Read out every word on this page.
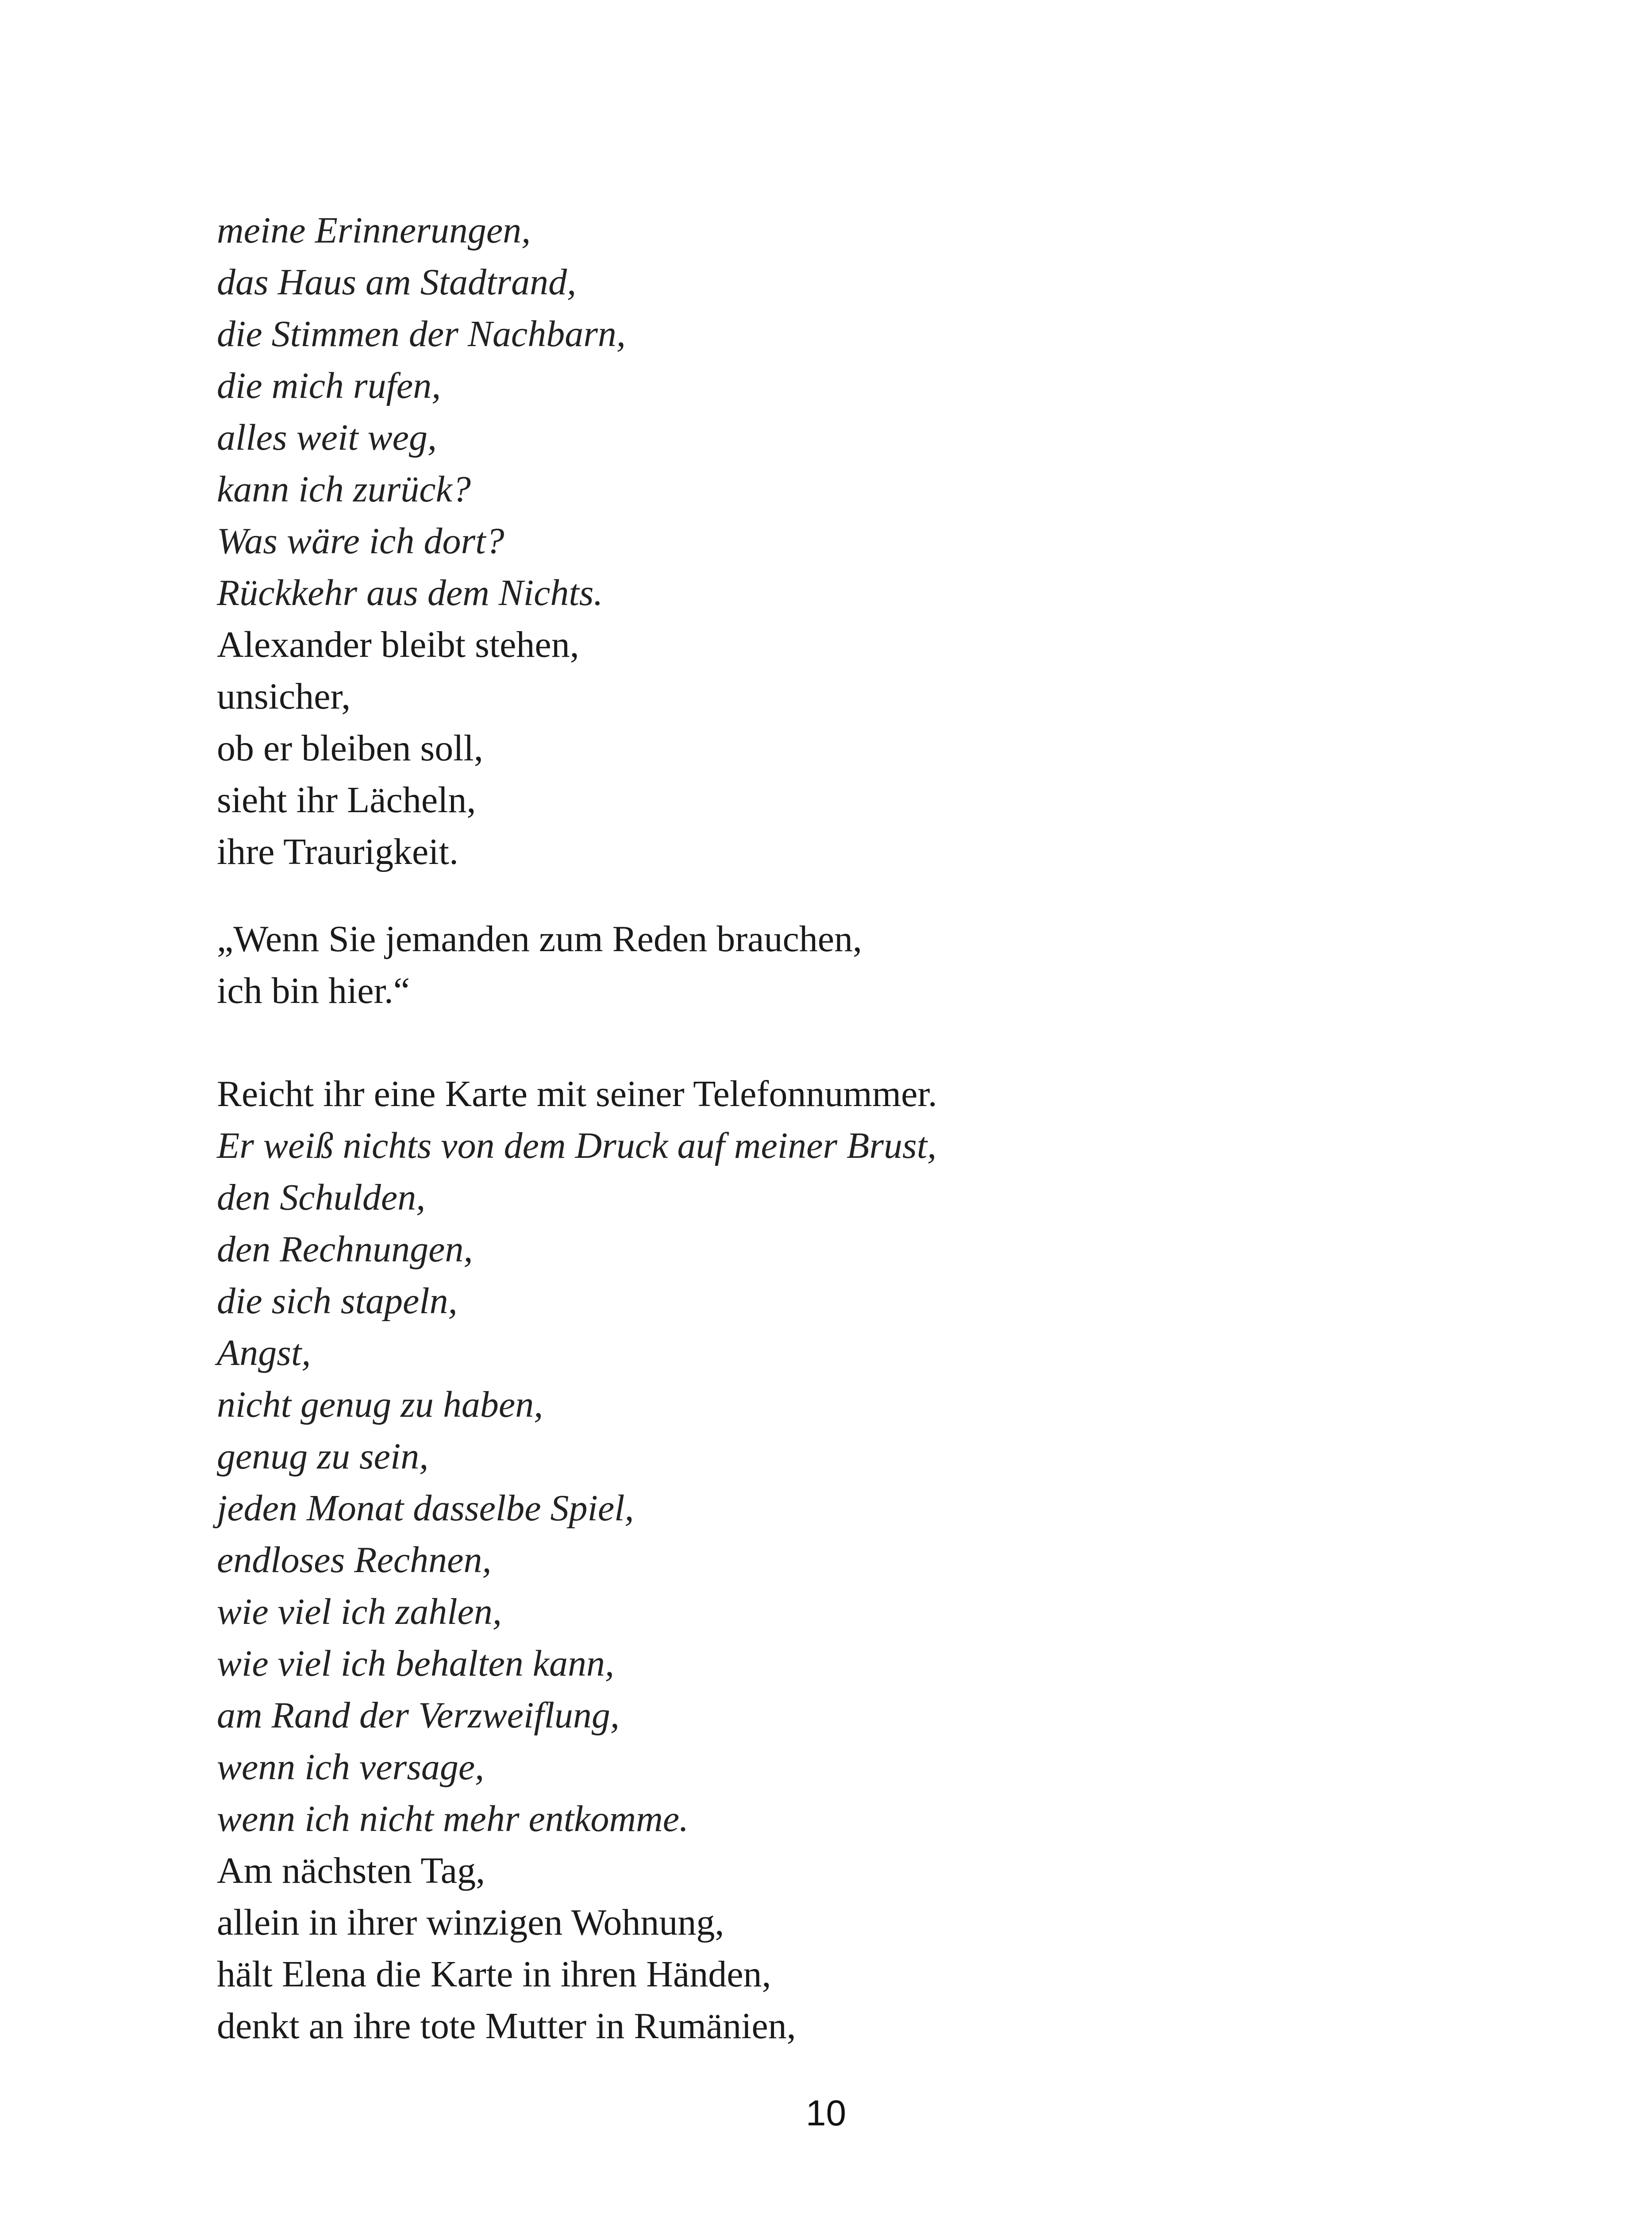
meine Erinnerungen,
das Haus am Stadtrand,
die Stimmen der Nachbarn,
die mich rufen,
alles weit weg,
kann ich zurück?
Was wäre ich dort?
Rückkehr aus dem Nichts.
Alexander bleibt stehen,
unsicher,
ob er bleiben soll,
sieht ihr Lächeln,
ihre Traurigkeit.
„Wenn Sie jemanden zum Reden brauchen,
ich bin hier.“
Reicht ihr eine Karte mit seiner Telefonnummer.
Er weiß nichts von dem Druck auf meiner Brust,
den Schulden,
den Rechnungen,
die sich stapeln,
Angst,
nicht genug zu haben,
genug zu sein,
jeden Monat dasselbe Spiel,
endloses Rechnen,
wie viel ich zahlen,
wie viel ich behalten kann,
am Rand der Verzweiflung,
wenn ich versage,
wenn ich nicht mehr entkomme.
Am nächsten Tag,
allein in ihrer winzigen Wohnung,
hält Elena die Karte in ihren Händen,
denkt an ihre tote Mutter in Rumänien,
10
